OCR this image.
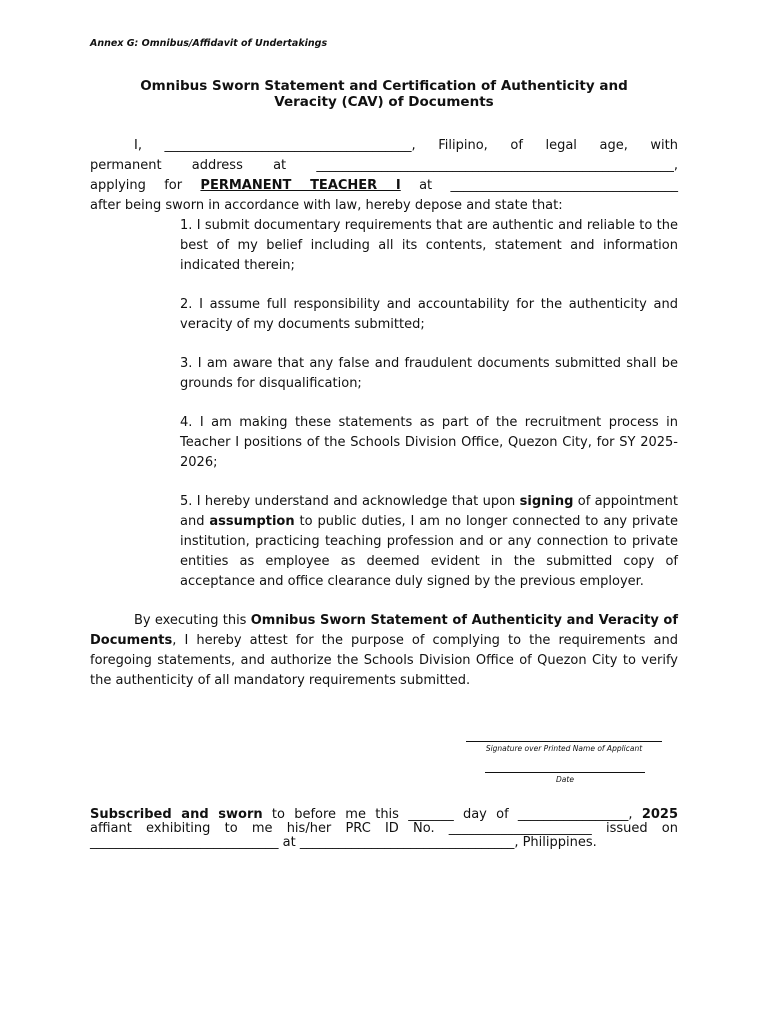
Annex G: Omnibus/Affidavit of Undertakings
Omnibus Sworn Statement and Certification of Authenticity and
Veracity (CAV) of Documents
I, ______________________________________, Filipino, of legal age, with
permanent address at _______________________________________________________,
applying for PERMANENT TEACHER I at ___________________________________
after being sworn in accordance with law, hereby depose and state that:

1. I submit documentary requirements that are authentic and reliable to the best of my belief including all its contents, statement and information indicated therein;

2. I assume full responsibility and accountability for the authenticity and veracity of my documents submitted;

3. I am aware that any false and fraudulent documents submitted shall be grounds for disqualification;

4. I am making these statements as part of the recruitment process in Teacher I positions of the Schools Division Office, Quezon City, for SY 2025-2026;

5. I hereby understand and acknowledge that upon signing of appointment and assumption to public duties, I am no longer connected to any private institution, practicing teaching profession and or any connection to private entities as employee as deemed evident in the submitted copy of acceptance and office clearance duly signed by the previous employer.

By executing this Omnibus Sworn Statement of Authenticity and Veracity of Documents, I hereby attest for the purpose of complying to the requirements and foregoing statements, and authorize the Schools Division Office of Quezon City to verify the authenticity of all mandatory requirements submitted.

Signature over Printed Name of Applicant
Date

Subscribed and sworn to before me this _______ day of _________________, 2025

affiant exhibiting to me his/her PRC ID No. ______________________ issued on

_____________________________ at _________________________________, Philippines.
